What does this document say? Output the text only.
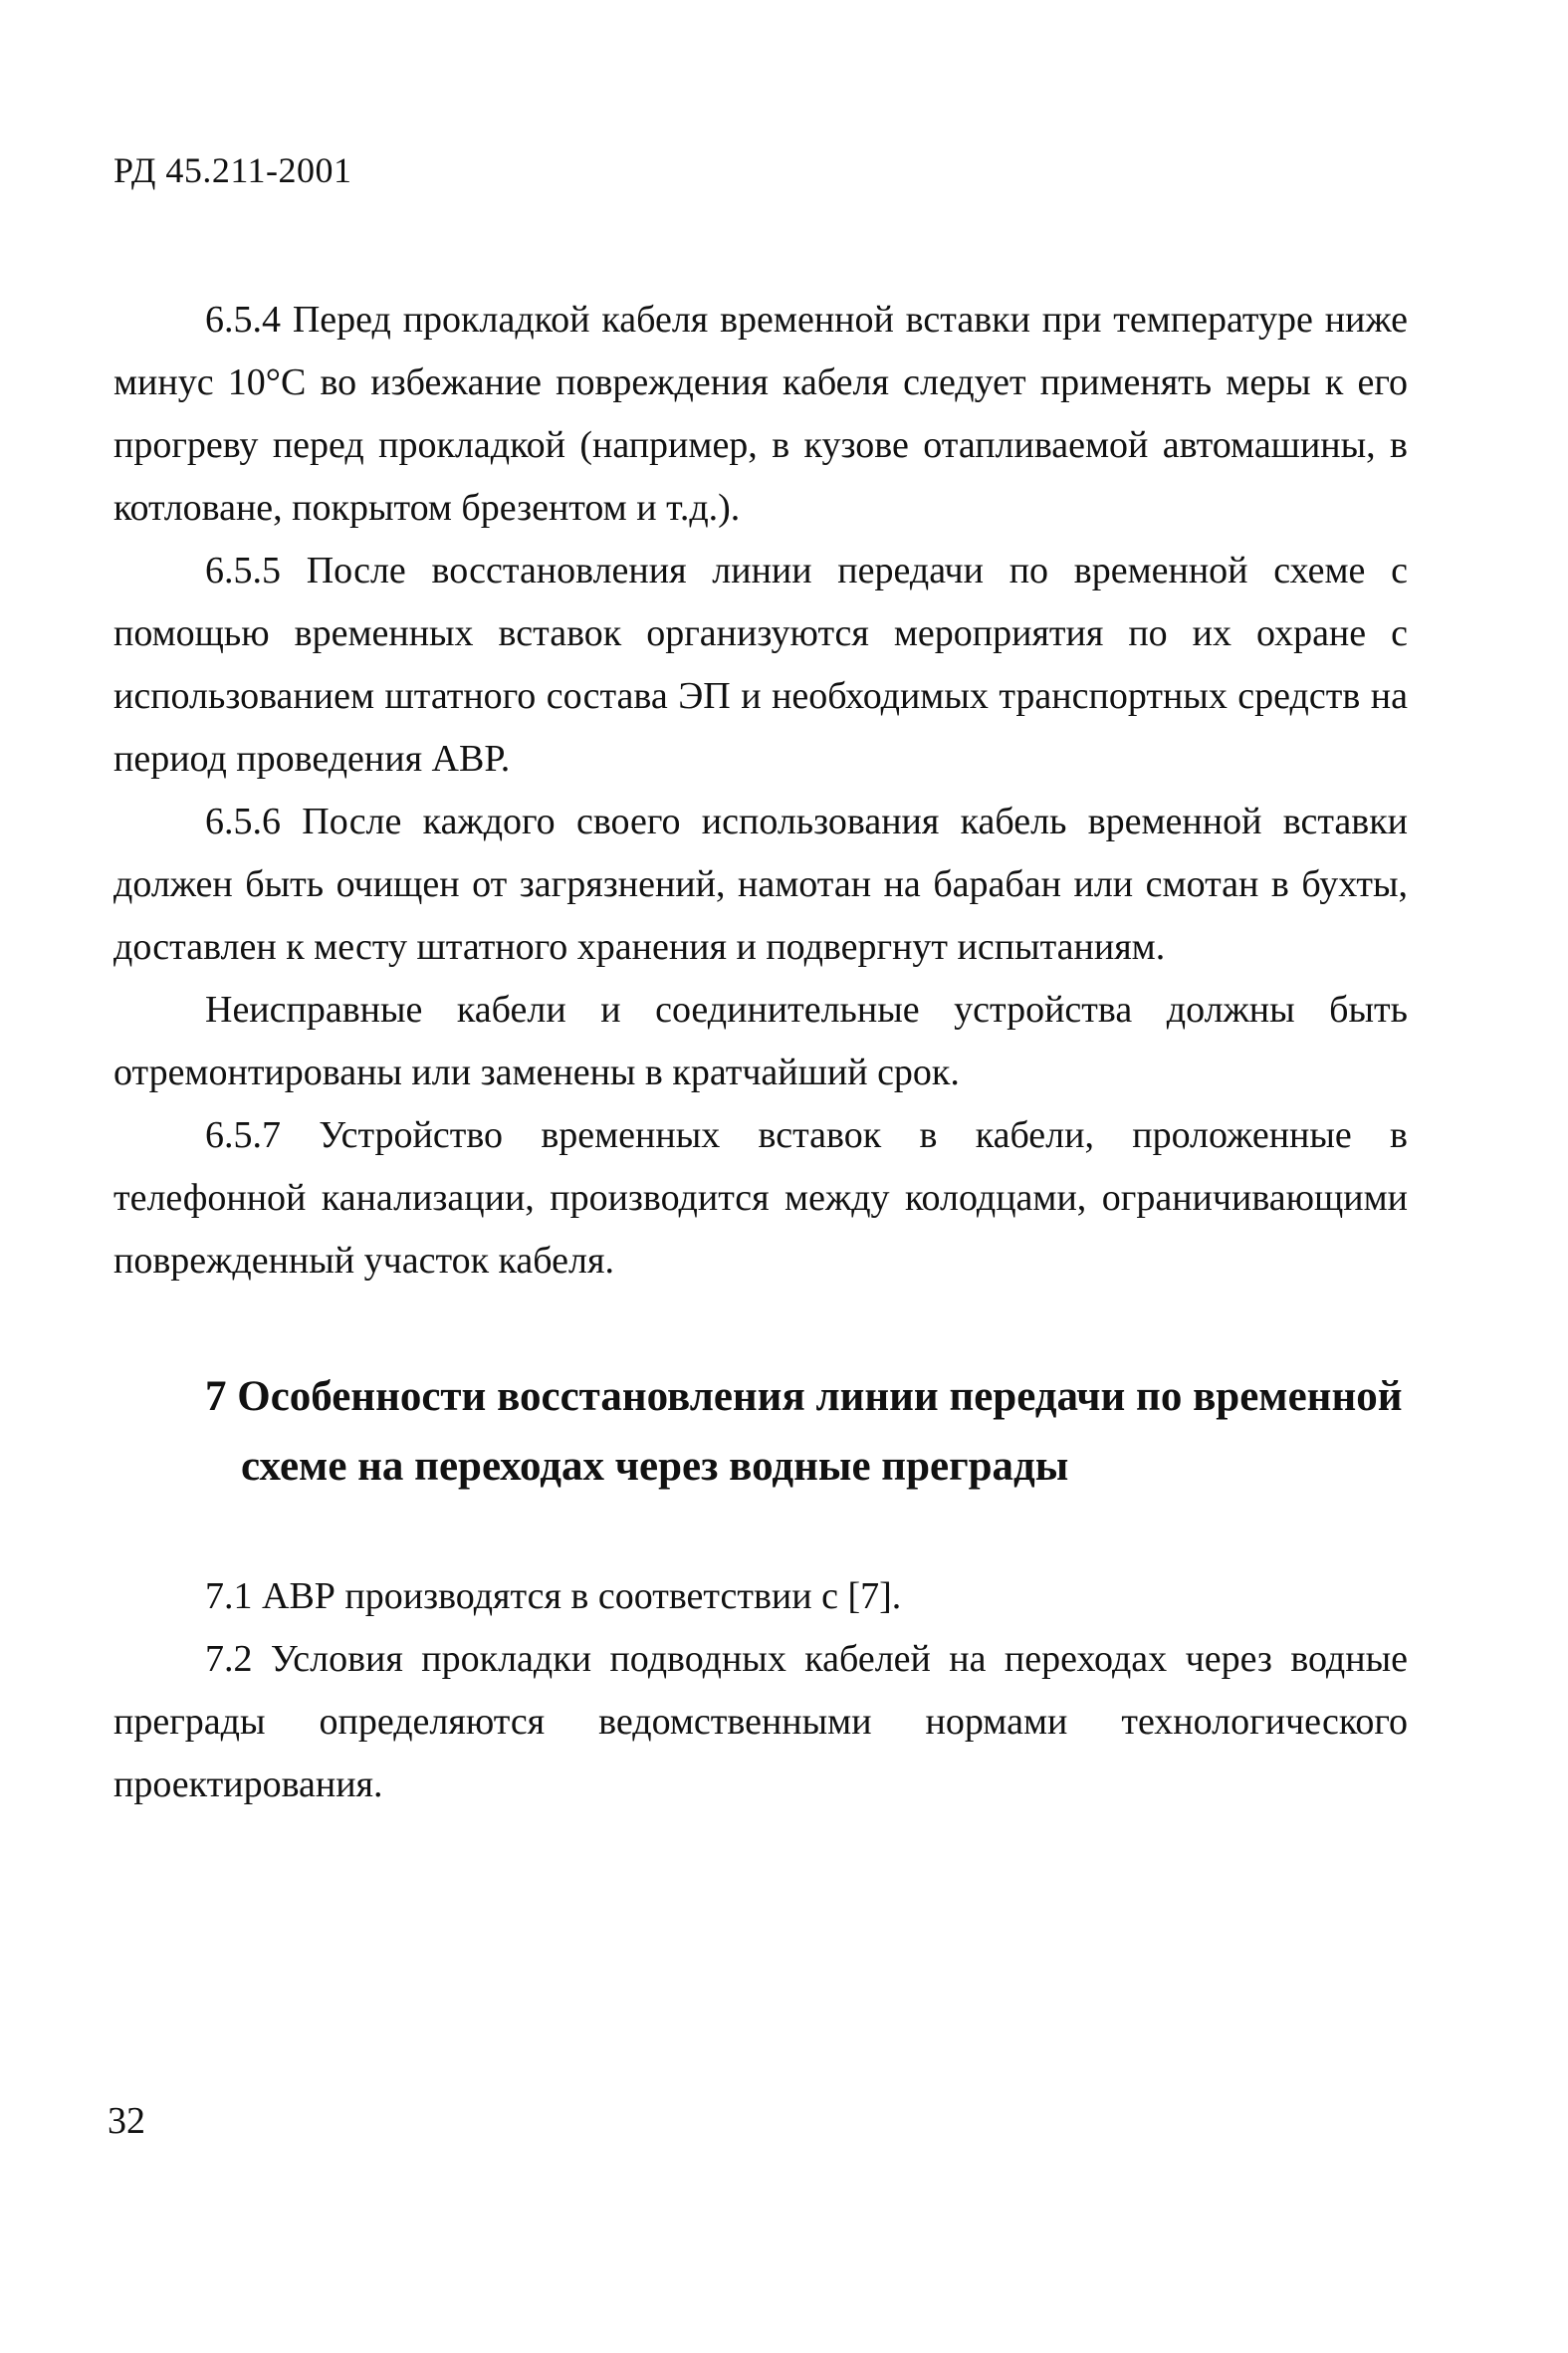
РД 45.211-2001

6.5.4 Перед прокладкой кабеля временной вставки при температуре ниже минус 10°С во избежание повреждения кабеля следует применять меры к его прогреву перед прокладкой (например, в кузове отапливаемой автомашины, в котловане, покрытом брезентом и т.д.).

6.5.5 После восстановления линии передачи по временной схеме с помощью временных вставок организуются мероприятия по их охране с использованием штатного состава ЭП и необходимых транспортных средств на период проведения АВР.

6.5.6 После каждого своего использования кабель временной вставки должен быть очищен от загрязнений, намотан на барабан или смотан в бухты, доставлен к месту штатного хранения и подвергнут испытаниям.

Неисправные кабели и соединительные устройства должны быть отремонтированы или заменены в кратчайший срок.

6.5.7 Устройство временных вставок в кабели, проложенные в телефонной канализации, производится между колодцами, ограничивающими поврежденный участок кабеля.

7 Особенности восстановления линии передачи по временной
схеме на переходах через водные преграды

7.1 АВР производятся в соответствии с [7].

7.2 Условия прокладки подводных кабелей на переходах через водные преграды определяются ведомственными нормами технологического проектирования.

32
